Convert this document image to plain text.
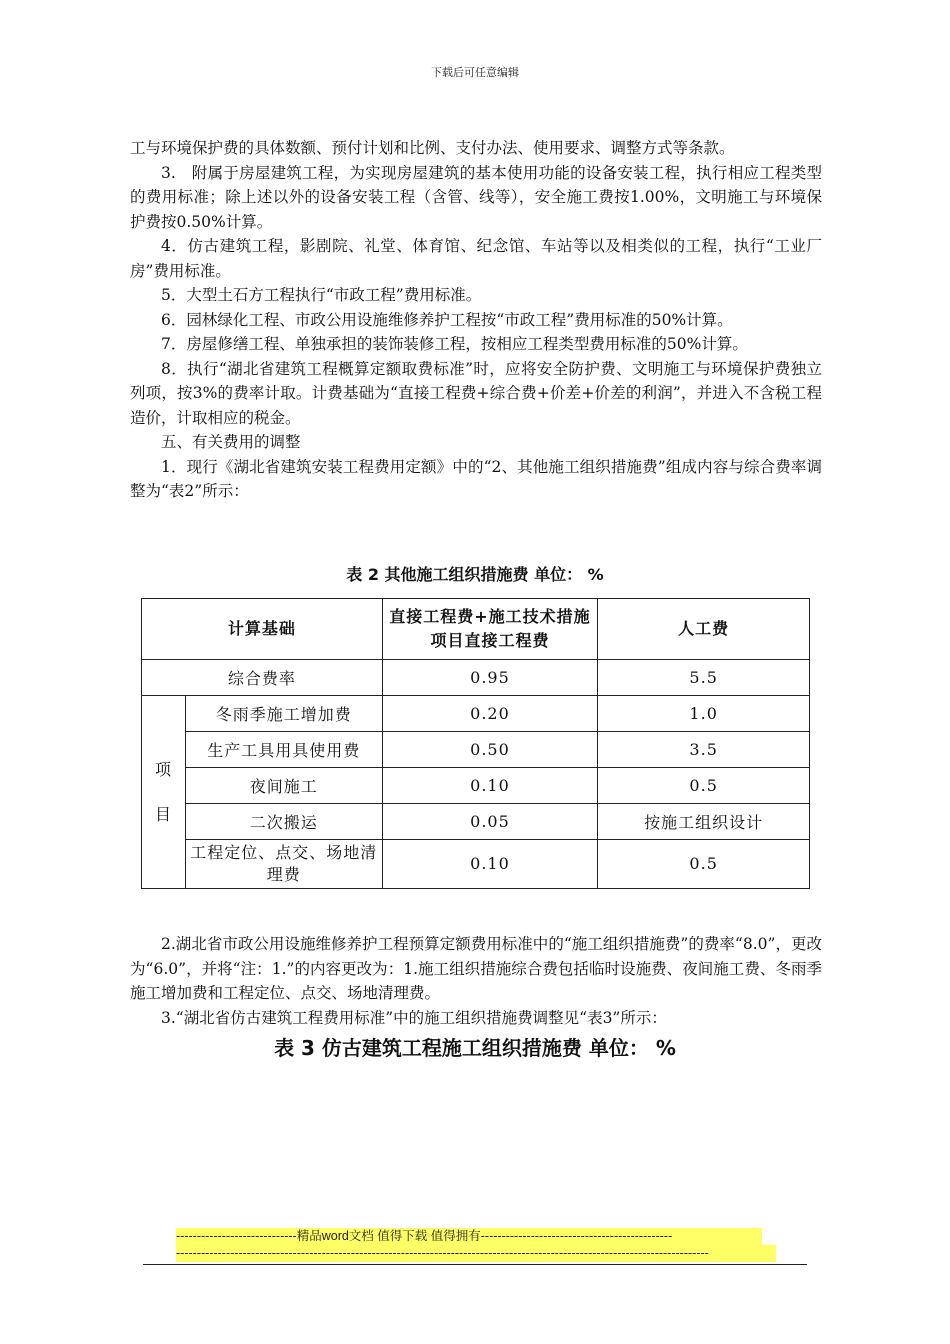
下载后可任意编辑

工与环境保护费的具体数额、预付计划和比例、支付办法、使用要求、调整方式等条款。

3.　附属于房屋建筑工程，为实现房屋建筑的基本使用功能的设备安装工程，执行相应工程类型的费用标准；除上述以外的设备安装工程（含管、线等），安全施工费按1.00%，文明施工与环境保护费按0.50%计算。

4．仿古建筑工程，影剧院、礼堂、体育馆、纪念馆、车站等以及相类似的工程，执行“工业厂房”费用标准。

5．大型土石方工程执行“市政工程”费用标准。

6．园林绿化工程、市政公用设施维修养护工程按“市政工程”费用标准的50%计算。

7．房屋修缮工程、单独承担的装饰装修工程，按相应工程类型费用标准的50%计算。

8．执行“湖北省建筑工程概算定额取费标准”时，应将安全防护费、文明施工与环境保护费独立列项，按3%的费率计取。计费基础为“直接工程费+综合费+价差+价差的利润”，并进入不含税工程造价，计取相应的税金。

五、有关费用的调整

1．现行《湖北省建筑安装工程费用定额》中的“2、其他施工组织措施费”组成内容与综合费率调整为“表2”所示：

表 2 其他施工组织措施费 单位： %
计算基础		直接工程费+施工技术措施项目直接工程费	人工费
综合费率		0.95	5.5

项
目	冬雨季施工增加费	0.20	1.0
	生产工具用具使用费	0.50	3.5
	夜间施工	0.10	0.5
	二次搬运	0.05	按施工组织设计
	工程定位、点交、场地清理费	0.10	0.5

2.湖北省市政公用设施维修养护工程预算定额费用标准中的“施工组织措施费”的费率“8.0”，更改为“6.0”，并将“注：1.”的内容更改为：1.施工组织措施综合费包括临时设施费、夜间施工费、冬雨季施工增加费和工程定位、点交、场地清理费。

3.“湖北省仿古建筑工程费用标准”中的施工组织措施费调整见“表3”所示：

表 3 仿古建筑工程施工组织措施费 单位： %
-----------------------------精品word文档 值得下载 值得拥有----------------------------------------------
--------------------------------------------------------------------------------------------------------------------------------
